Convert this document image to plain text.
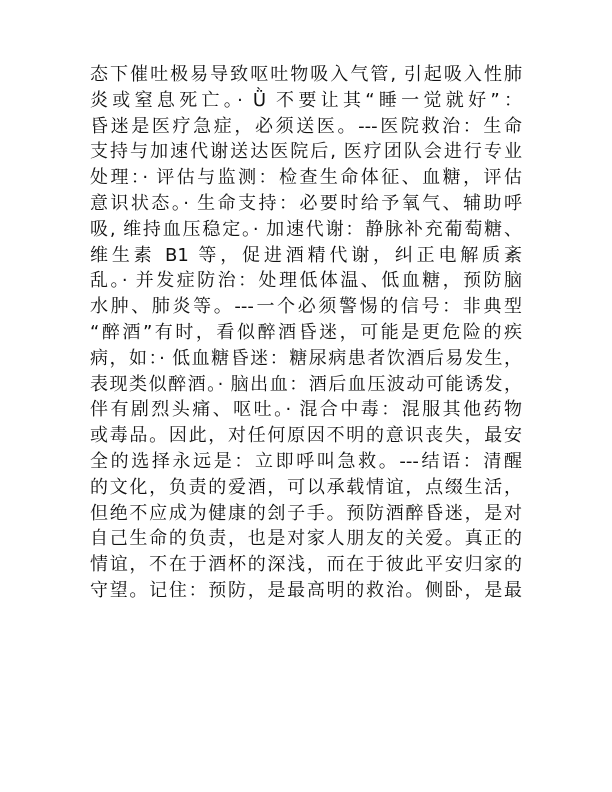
态下催吐极易导致呕吐物吸入气管, 引起吸入性肺
炎或窒息死亡。· Ǜ 不要让其“睡一觉就好”：
昏迷是医疗急症，必须送医。---医院救治：生命
支持与加速代谢送达医院后, 医疗团队会进行专业
处理：· 评估与监测：检查生命体征、血糖，评估
意识状态。· 生命支持：必要时给予氧气、辅助呼
吸, 维持血压稳定。· 加速代谢：静脉补充葡萄糖、
维生素 B1 等，促进酒精代谢，纠正电解质紊
乱。· 并发症防治：处理低体温、低血糖，预防脑
水肿、肺炎等。---一个必须警惕的信号：非典型
“醉酒”有时，看似醉酒昏迷，可能是更危险的疾
病，如：· 低血糖昏迷：糖尿病患者饮酒后易发生，
表现类似醉酒。· 脑出血：酒后血压波动可能诱发，
伴有剧烈头痛、呕吐。· 混合中毒：混服其他药物
或毒品。因此，对任何原因不明的意识丧失，最安
全的选择永远是：立即呼叫急救。---结语：清醒
的文化，负责的爱酒，可以承载情谊，点缀生活，
但绝不应成为健康的刽子手。预防酒醉昏迷，是对
自己生命的负责，也是对家人朋友的关爱。真正的
情谊，不在于酒杯的深浅，而在于彼此平安归家的
守望。记住：预防，是最高明的救治。侧卧，是最
